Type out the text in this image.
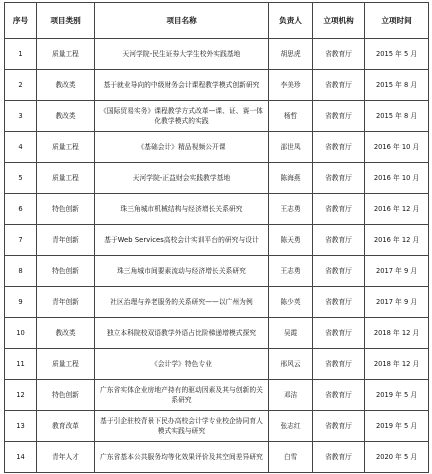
序号	项目类别	项目名称	负责人	立项机构	立项时间
1	质量工程	天河学院-民生证券大学生校外实践基地	胡思虎	省教育厅	2015 年 5 月
2	教改类	基于就业导向的中级财务会计课程教学模式创新研究	李美珍	省教育厅	2015 年 8 月
3	教改类	《国际贸易实务》课程教学方式改革—课、证、赛一体化教学模式的实践	杨哲	省教育厅	2015 年 8 月
4	质量工程	《基础会计》精品视频公开课	邵世凤	省教育厅	2016 年 10 月
5	质量工程	天河学院-正益财会实践教学基地	陈海燕	省教育厅	2016 年 10 月
6	特色创新	珠三角城市机械结构与经济增长关系研究	王志勇	省教育厅	2016 年 12 月
7	青年创新	基于Web Services高校会计实训平台的研究与设计	陈天勇	省教育厅	2016 年 12 月
8	特色创新	珠三角城市间要素流动与经济增长关系研究	王志勇	省教育厅	2017 年 9 月
9	青年创新	社区治理与养老服务的关系研究——以广州为例	陈少英	省教育厅	2017 年 9 月
10	教改类	独立本科院校双语教学外语占比阶梯递增模式探究	吴霞	省教育厅	2018 年 12 月
11	质量工程	《会计学》特色专业	邢风云	省教育厅	2018 年 12 月
12	特色创新	广东省实体企业房地产持有的驱动因素及其与创新的关系研究	邓洁	省教育厅	2019 年 5 月
13	教育改革	基于引企驻校背景下民办高校会计学专业校企协同育人模式实践与研究	张志红	省教育厅	2019 年 5 月
14	青年人才	广东省基本公共服务均等化效果评价及其空间差异研究	白雪	省教育厅	2020 年 5 月
